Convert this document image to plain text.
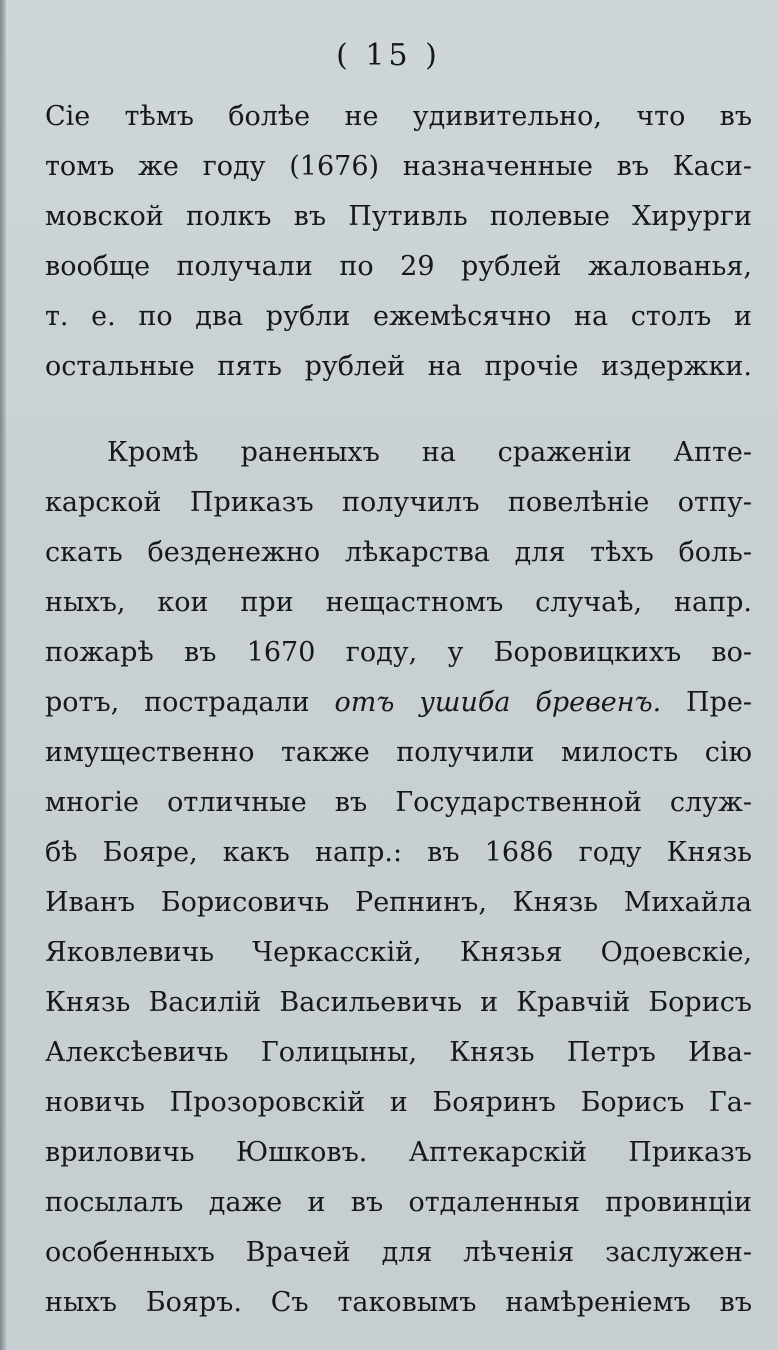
( 15 )
Сіе тѣмъ болѣе не удивительно, что въ
томъ же году (1676) назначенные въ Каси-
мовской полкъ въ Путивль полевые Хирурги
вообще получали по 29 рублей жалованья,
т. е. по два рубли ежемѣсячно на столъ и
остальные пять рублей на прочіе издержки.
Кромѣ раненыхъ на сраженіи Апте-
карской Приказъ получилъ повелѣніе отпу-
скать безденежно лѣкарства для тѣхъ боль-
ныхъ, кои при нещастномъ случаѣ, напр.
пожарѣ въ 1670 году, у Боровицкихъ во-
ротъ, пострадали отъ ушиба бревенъ. Пре-
имущественно также получили милость сію
многіе отличные въ Государственной служ-
бѣ Бояре, какъ напр.: въ 1686 году Князь
Иванъ Борисовичь Репнинъ, Князь Михайла
Яковлевичь Черкасскій, Князья Одоевскіе,
Князь Василій Васильевичь и Кравчій Борисъ
Алексѣевичь Голицыны, Князь Петръ Ива-
новичь Прозоровскій и Бояринъ Борисъ Га-
вриловичь Юшковъ. Аптекарскій Приказъ
посылалъ даже и въ отдаленныя провинціи
особенныхъ Врачей для лѣченія заслужен-
ныхъ Бояръ. Съ таковымъ намѣреніемъ въ
